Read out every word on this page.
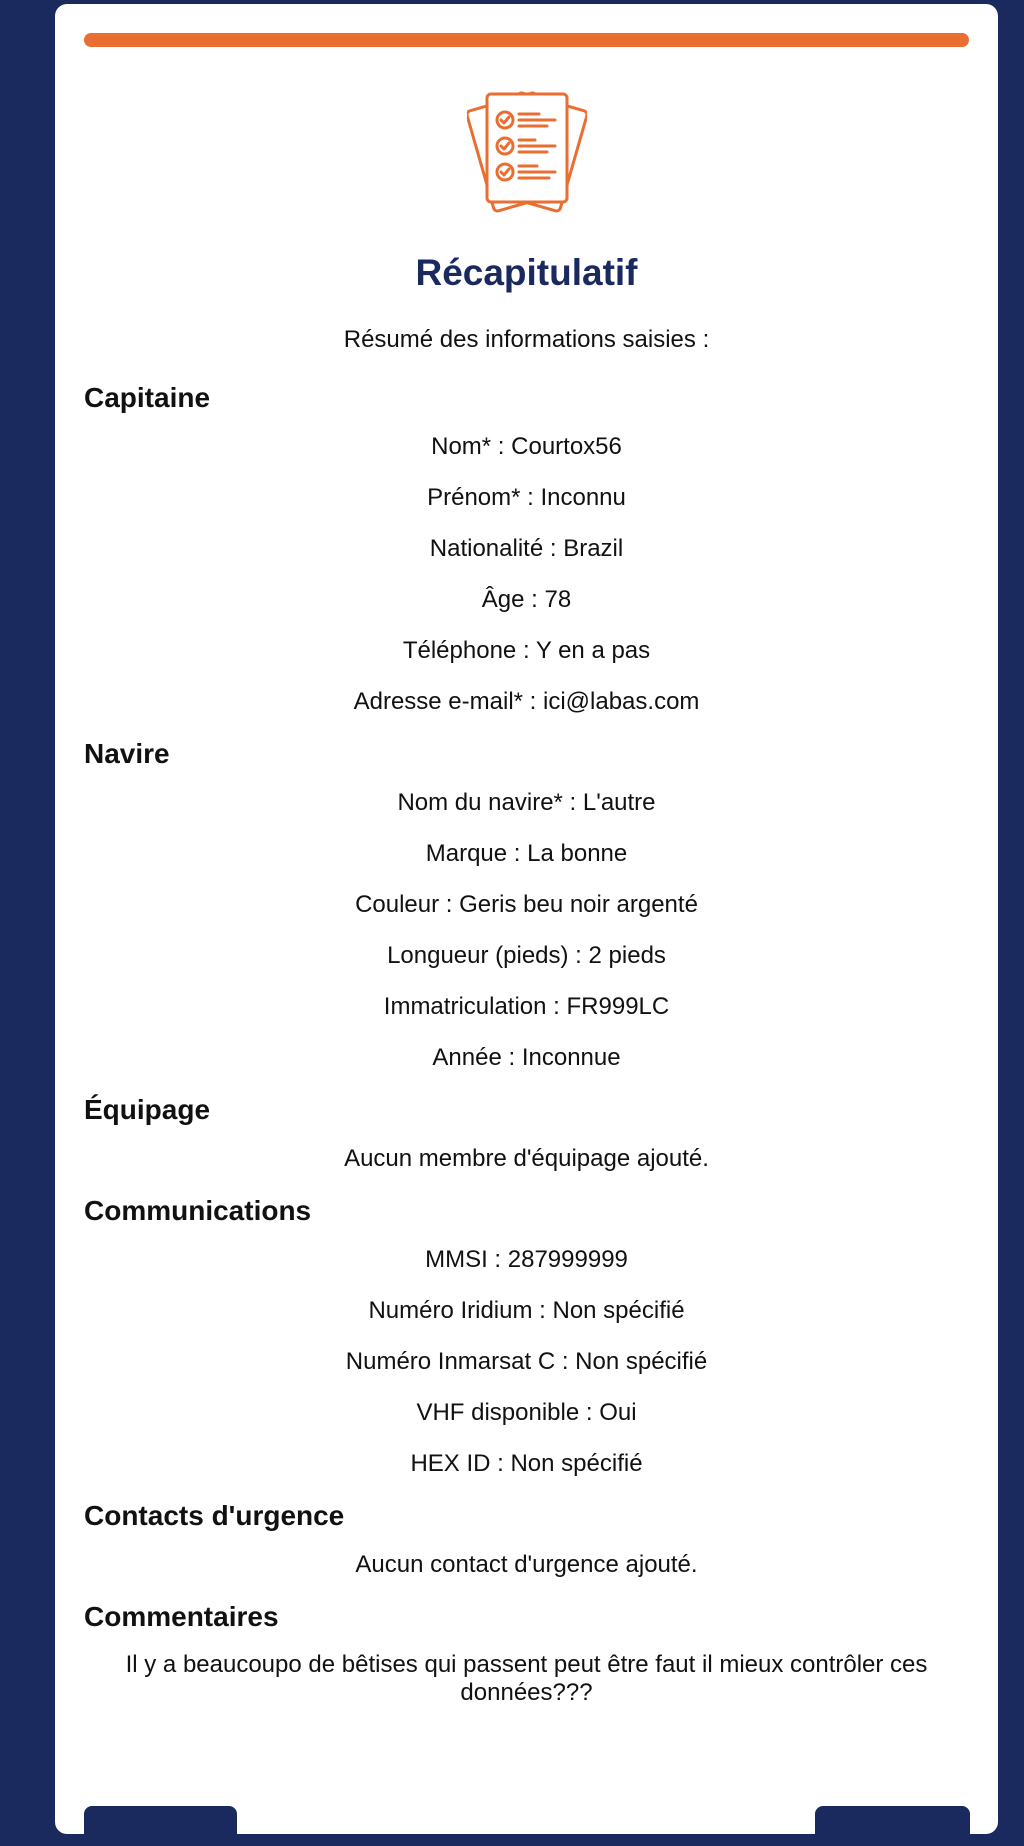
Récapitulatif

Résumé des informations saisies :

Capitaine
Nom* : Courtox56
Prénom* : Inconnu
Nationalité : Brazil
Âge : 78
Téléphone : Y en a pas
Adresse e-mail* : ici@labas.com
Navire
Nom du navire* : L'autre
Marque : La bonne
Couleur : Geris beu noir argenté
Longueur (pieds) : 2 pieds
Immatriculation : FR999LC
Année : Inconnue
Équipage
Aucun membre d'équipage ajouté.
Communications
MMSI : 287999999
Numéro Iridium : Non spécifié
Numéro Inmarsat C : Non spécifié
VHF disponible : Oui
HEX ID : Non spécifié
Contacts d'urgence
Aucun contact d'urgence ajouté.
Commentaires
Il y a beaucoupo de bêtises qui passent peut être faut il mieux contrôler ces données???
